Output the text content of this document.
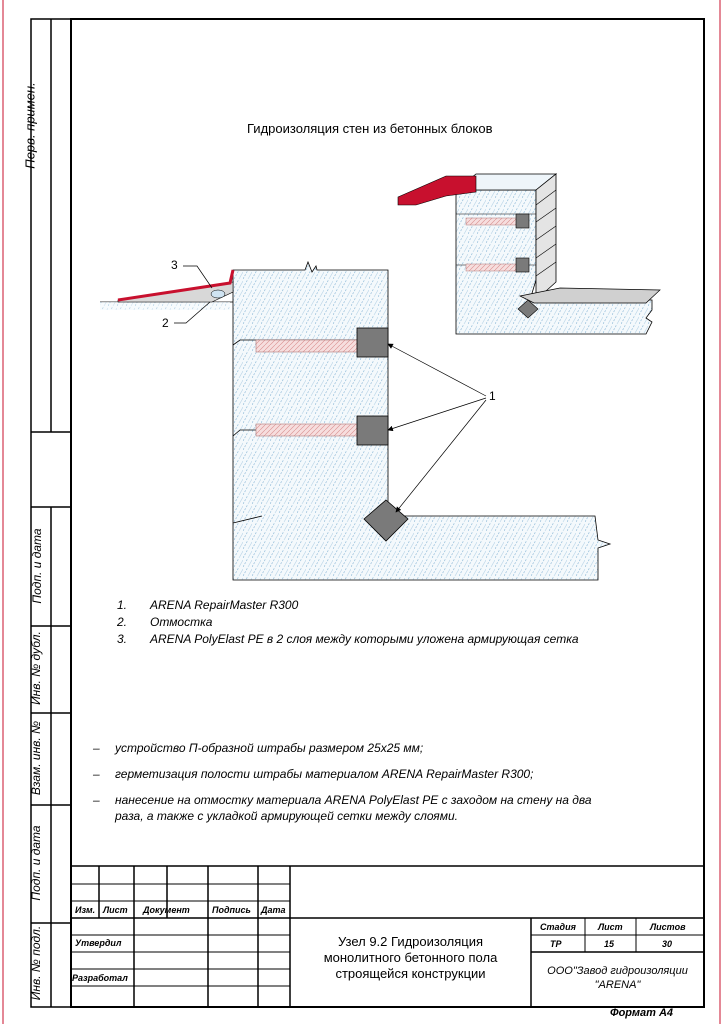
Гидроизоляция стен из бетонных блоков
3
2
1
1. ARENA RepairMaster R300
2. Отмостка
3. ARENA PolyElast PE в 2 слоя между которыми уложена армирующая сетка
– устройство П-образной штрабы размером 25х25 мм;
– герметизация полости штрабы материалом ARENA RepairMaster R300;
– нанесение на отмостку материала ARENA PolyElast PE с заходом на стену на два
раза, а также с укладкой армирующей сетки между слоями.
Перв. примен.
Подп. и дата
Инв. № дубл.
Взам. инв. №
Подп. и дата
Инв. № подл.
Изм. Лист Документ Подпись Дата
Утвердил
Разработал
Узел 9.2 Гидроизоляция
монолитного бетонного пола
строящейся конструкции
Стадия Лист	Листов
ТР	15	30
ООО"Завод гидроизоляции
"ARENA"
Формат А4
